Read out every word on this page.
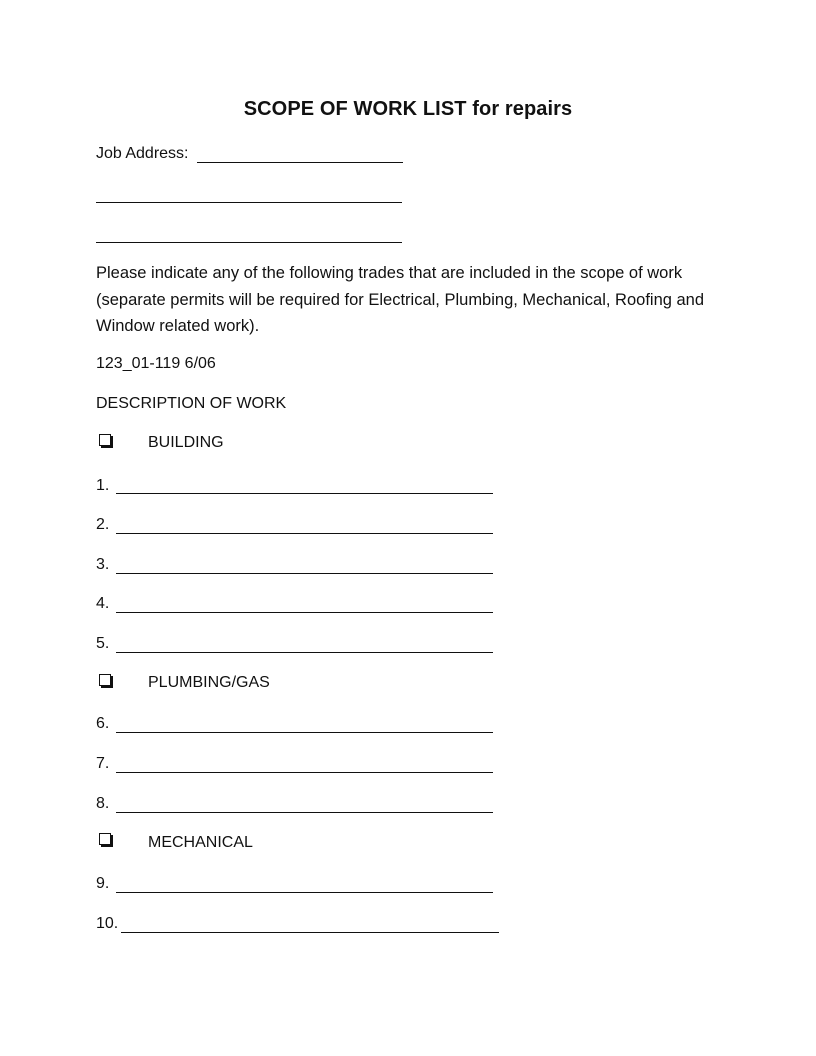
SCOPE OF WORK LIST for repairs
Job Address:
Please indicate any of the following trades that are included in the scope of work (separate permits will be required for Electrical, Plumbing, Mechanical, Roofing and Window related work).
123_01-119 6/06
DESCRIPTION OF WORK
BUILDING
1.
2.
3.
4.
5.
PLUMBING/GAS
6.
7.
8.
MECHANICAL
9.
10.
